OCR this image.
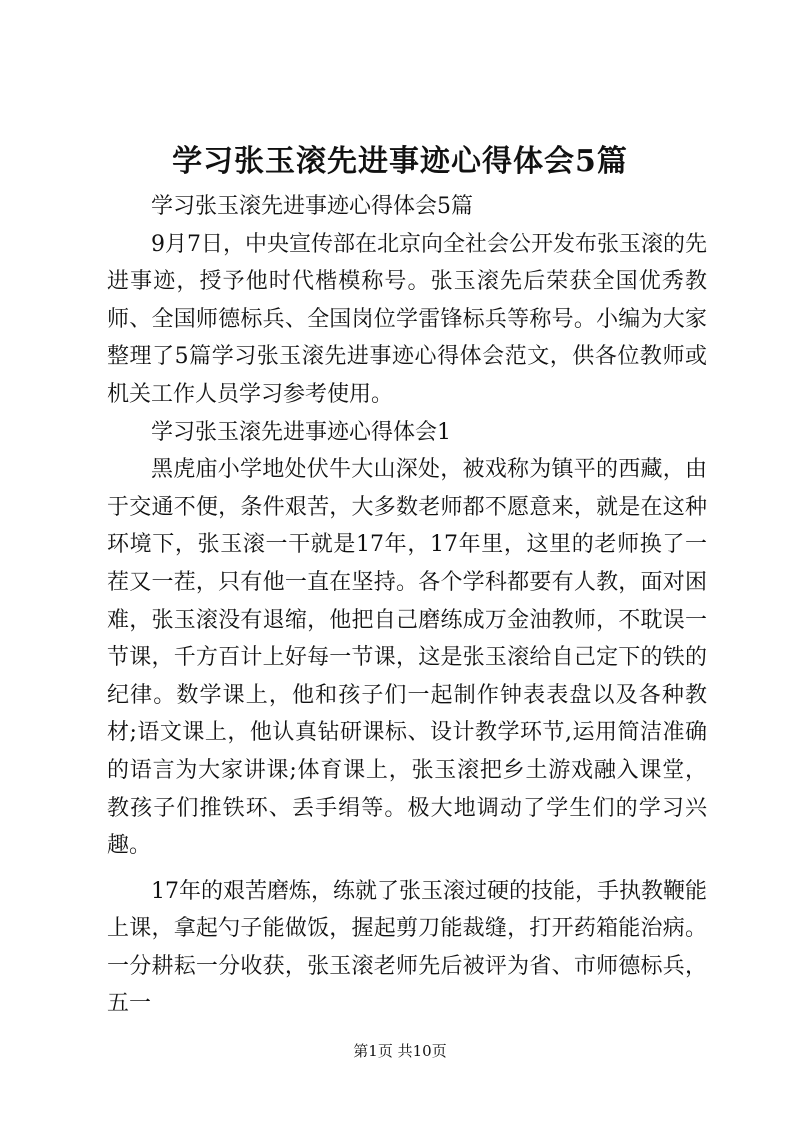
学习张玉滚先进事迹心得体会5篇

学习张玉滚先进事迹心得体会5篇

9月7日，中央宣传部在北京向全社会公开发布张玉滚的先进事迹，授予他时代楷模称号。张玉滚先后荣获全国优秀教师、全国师德标兵、全国岗位学雷锋标兵等称号。小编为大家整理了5篇学习张玉滚先进事迹心得体会范文，供各位教师或机关工作人员学习参考使用。

学习张玉滚先进事迹心得体会1

黑虎庙小学地处伏牛大山深处，被戏称为镇平的西藏，由于交通不便，条件艰苦，大多数老师都不愿意来，就是在这种环境下，张玉滚一干就是17年，17年里，这里的老师换了一茬又一茬，只有他一直在坚持。各个学科都要有人教，面对困难，张玉滚没有退缩，他把自己磨练成万金油教师，不耽误一节课，千方百计上好每一节课，这是张玉滚给自己定下的铁的纪律。数学课上，他和孩子们一起制作钟表表盘以及各种教材;语文课上，他认真钻研课标、设计教学环节,运用简洁准确的语言为大家讲课;体育课上，张玉滚把乡土游戏融入课堂，教孩子们推铁环、丢手绢等。极大地调动了学生们的学习兴趣。

17年的艰苦磨炼，练就了张玉滚过硬的技能，手执教鞭能上课，拿起勺子能做饭，握起剪刀能裁缝，打开药箱能治病。一分耕耘一分收获，张玉滚老师先后被评为省、市师德标兵，五一

第1页 共10页
